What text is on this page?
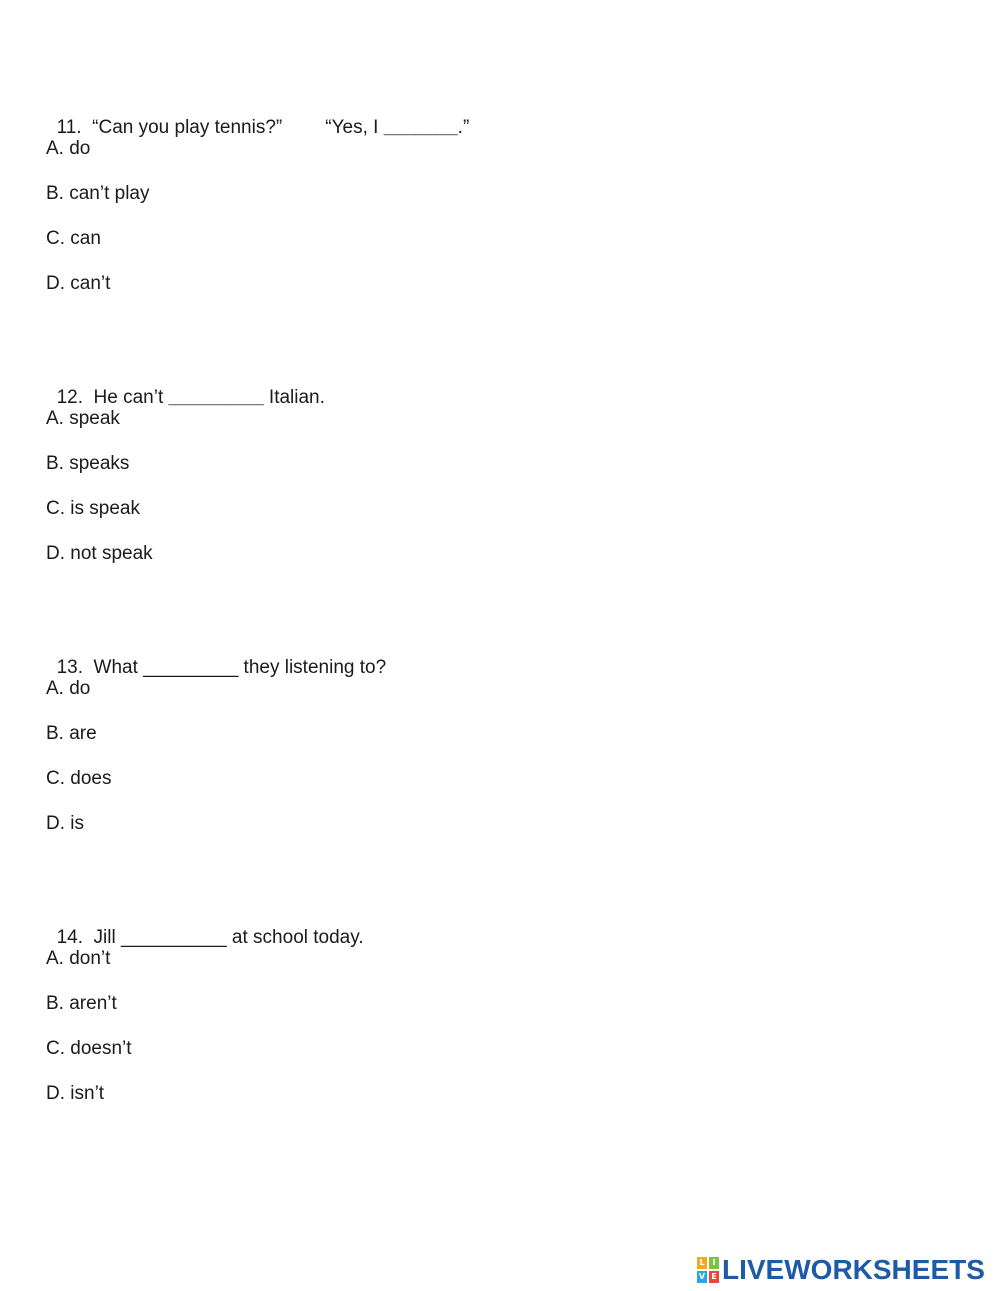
11. “Can you play tennis?” “Yes, I _______.”

A. do
B. can’t play
C. can
D. can’t

12. He can’t _________ Italian.

A. speak
B. speaks
C. is speak
D. not speak

13. What _________ they listening to?

A. do
B. are
C. does
D. is

14. Jill __________ at school today.

A. don’t
B. aren’t
C. doesn’t
D. isn’t
L I
V E LIVEWORKSHEETS
